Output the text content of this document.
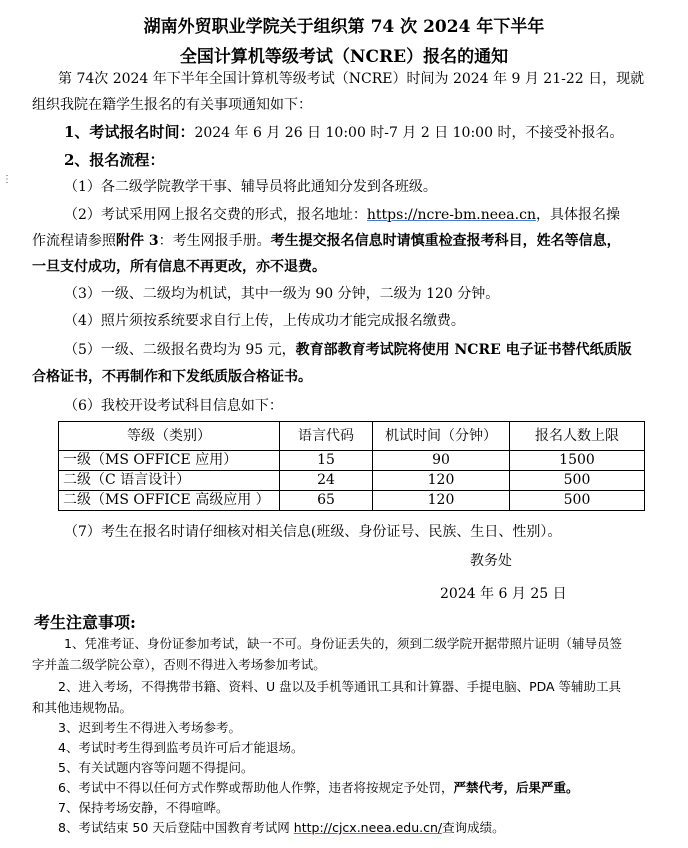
⋮
湖南外贸职业学院关于组织第 74 次 2024 年下半年
全国计算机等级考试（NCRE）报名的通知
第 74次 2024 年下半年全国计算机等级考试（NCRE）时间为 2024 年 9 月 21-22 日，现就
组织我院在籍学生报名的有关事项通知如下：
1、考试报名时间：2024 年 6 月 26 日 10:00 时-7 月 2 日 10:00 时，不接受补报名。
2、报名流程：
（1）各二级学院教学干事、辅导员将此通知分发到各班级。
（2）考试采用网上报名交费的形式，报名地址：https://ncre-bm.neea.cn，具体报名操
作流程请参照附件 3：考生网报手册。考生提交报名信息时请慎重检查报考科目，姓名等信息，
一旦支付成功，所有信息不再更改，亦不退费。
（3）一级、二级均为机试，其中一级为 90 分钟，二级为 120 分钟。
（4）照片须按系统要求自行上传，上传成功才能完成报名缴费。
（5）一级、二级报名费均为 95 元，教育部教育考试院将使用 NCRE 电子证书替代纸质版
合格证书，不再制作和下发纸质版合格证书。
（6）我校开设考试科目信息如下：
等级（类别）	语言代码	机试时间（分钟）	报名人数上限
一级（MS OFFICE 应用）	15	90	1500
二级（C 语言设计）	24	120	500
二级（MS OFFICE 高级应用 ）	65	120	500
（7）考生在报名时请仔细核对相关信息(班级、身份证号、民族、生日、性别）。
教务处
2024 年 6 月 25 日
考生注意事项:
1、凭准考证、身份证参加考试，缺一不可。身份证丢失的，须到二级学院开据带照片证明（辅导员签
字并盖二级学院公章），否则不得进入考场参加考试。
2、进入考场，不得携带书籍、资料、U 盘以及手机等通讯工具和计算器、手提电脑、PDA 等辅助工具
和其他违规物品。
3、迟到考生不得进入考场参考。
4、考试时考生得到监考员许可后才能退场。
5、有关试题内容等问题不得提问。
6、考试中不得以任何方式作弊或帮助他人作弊，违者将按规定予处罚，严禁代考，后果严重。
7、保持考场安静，不得喧哗。
8、考试结束 50 天后登陆中国教育考试网 http://cjcx.neea.edu.cn/查询成绩。
